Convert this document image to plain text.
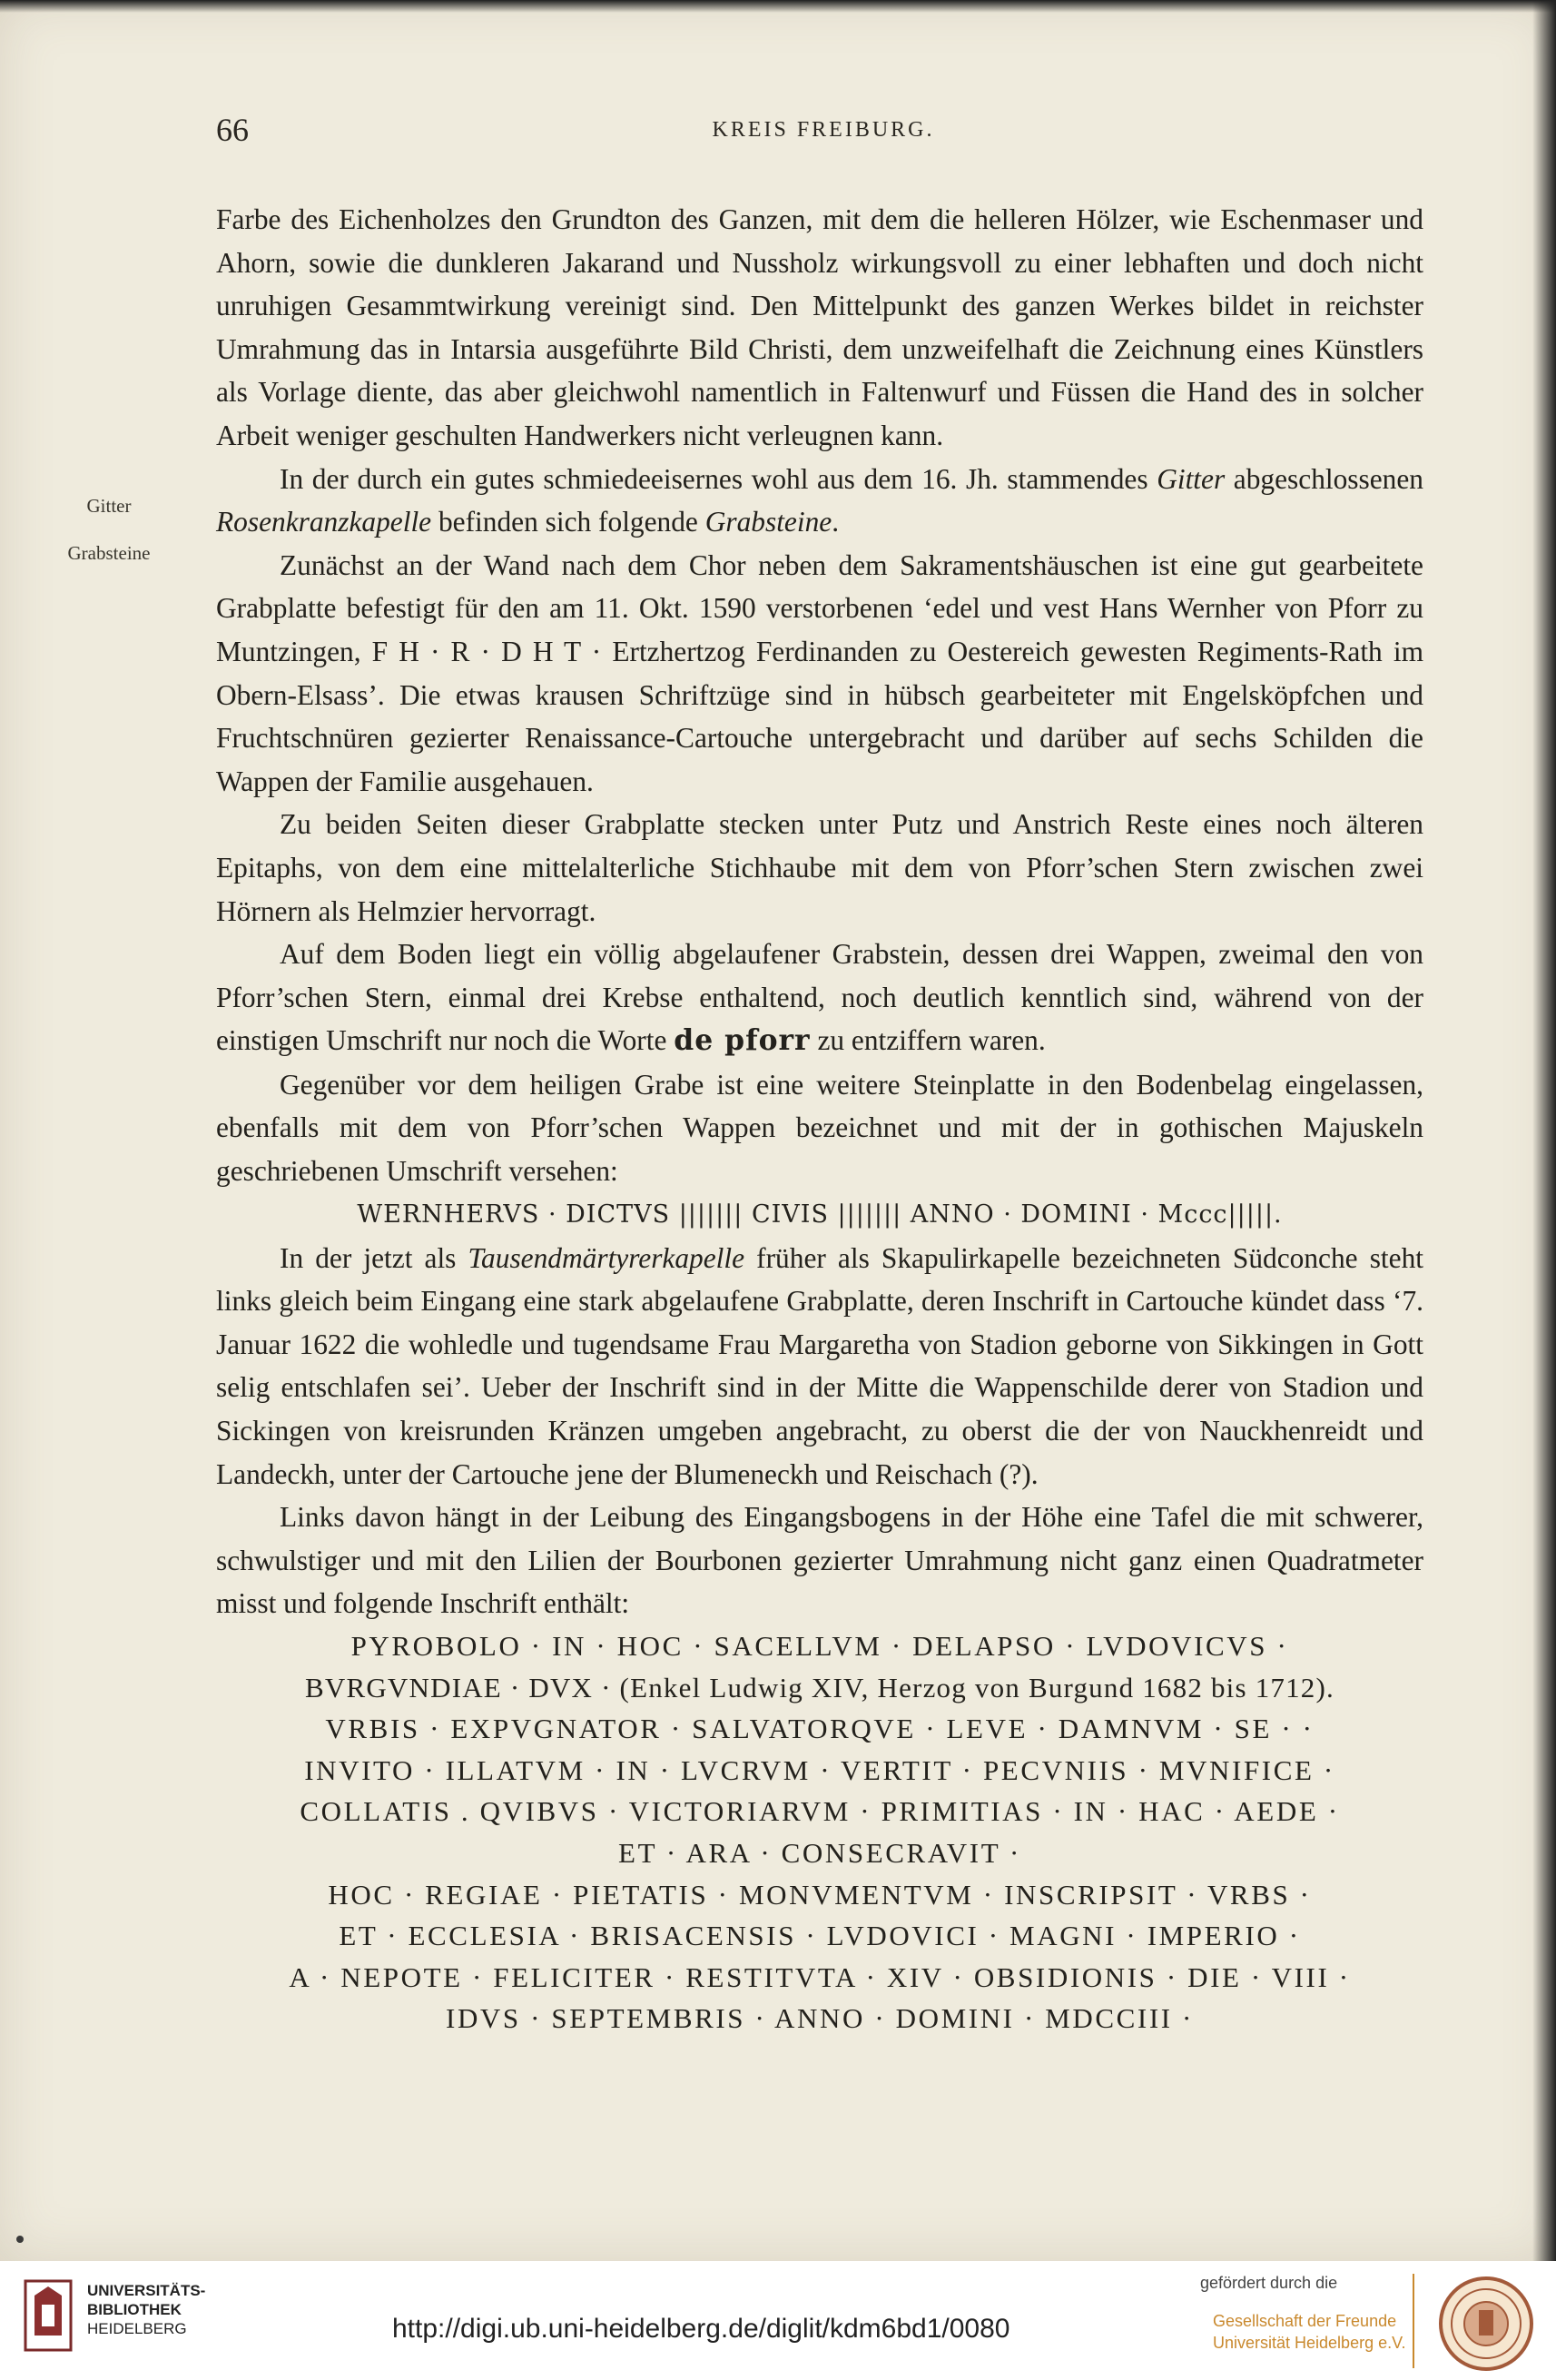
66	KREIS FREIBURG.
Gitter
Grabsteine

Farbe des Eichenholzes den Grundton des Ganzen, mit dem die helleren Hölzer, wie Eschenmaser und Ahorn, sowie die dunkleren Jakarand und Nussholz wirkungsvoll zu einer lebhaften und doch nicht unruhigen Gesammtwirkung vereinigt sind. Den Mittelpunkt des ganzen Werkes bildet in reichster Umrahmung das in Intarsia ausgeführte Bild Christi, dem unzweifelhaft die Zeichnung eines Künstlers als Vorlage diente, das aber gleichwohl namentlich in Faltenwurf und Füssen die Hand des in solcher Arbeit weniger geschulten Handwerkers nicht verleugnen kann.

In der durch ein gutes schmiedeeisernes wohl aus dem 16. Jh. stammendes Gitter abgeschlossenen Rosenkranzkapelle befinden sich folgende Grabsteine.

Zunächst an der Wand nach dem Chor neben dem Sakramentshäuschen ist eine gut gearbeitete Grabplatte befestigt für den am 11. Okt. 1590 verstorbenen ‘edel und vest Hans Wernher von Pforr zu Muntzingen, F H · R · D H T · Ertzhertzog Ferdinanden zu Oestereich gewesten Regiments-Rath im Obern-Elsass’. Die etwas krausen Schriftzüge sind in hübsch gearbeiteter mit Engelsköpfchen und Fruchtschnüren gezierter Renaissance-Cartouche untergebracht und darüber auf sechs Schilden die Wappen der Familie ausgehauen.

Zu beiden Seiten dieser Grabplatte stecken unter Putz und Anstrich Reste eines noch älteren Epitaphs, von dem eine mittelalterliche Stichhaube mit dem von Pforr’schen Stern zwischen zwei Hörnern als Helmzier hervorragt.

Auf dem Boden liegt ein völlig abgelaufener Grabstein, dessen drei Wappen, zweimal den von Pforr’schen Stern, einmal drei Krebse enthaltend, noch deutlich kenntlich sind, während von der einstigen Umschrift nur noch die Worte de pforr zu entziffern waren.

Gegenüber vor dem heiligen Grabe ist eine weitere Steinplatte in den Bodenbelag eingelassen, ebenfalls mit dem von Pforr’schen Wappen bezeichnet und mit der in gothischen Majuskeln geschriebenen Umschrift versehen:

WERNHERVS · DICTVS ||||||| CIVIS ||||||| ANNO · DOMINI · Mccc|||||.

In der jetzt als Tausendmärtyrerkapelle früher als Skapulirkapelle bezeichneten Südconche steht links gleich beim Eingang eine stark abgelaufene Grabplatte, deren Inschrift in Cartouche kündet dass ‘7. Januar 1622 die wohledle und tugendsame Frau Margaretha von Stadion geborne von Sikkingen in Gott selig entschlafen sei’. Ueber der Inschrift sind in der Mitte die Wappenschilde derer von Stadion und Sickingen von kreisrunden Kränzen umgeben angebracht, zu oberst die der von Nauckhenreidt und Landeckh, unter der Cartouche jene der Blumeneckh und Reischach (?).

Links davon hängt in der Leibung des Eingangsbogens in der Höhe eine Tafel die mit schwerer, schwulstiger und mit den Lilien der Bourbonen gezierter Umrahmung nicht ganz einen Quadratmeter misst und folgende Inschrift enthält:

PYROBOLO · IN · HOC · SACELLVM · DELAPSO · LVDOVICVS ·
BVRGVNDIAE · DVX · (Enkel Ludwig XIV, Herzog von Burgund 1682 bis 1712).
VRBIS · EXPVGNATOR · SALVATORQVE · LEVE · DAMNVM · SE · ·
INVITO · ILLATVM · IN · LVCRVM · VERTIT · PECVNIIS · MVNIFICE ·
COLLATIS . QVIBVS · VICTORIARVM · PRIMITIAS · IN · HAC · AEDE ·
ET · ARA · CONSECRAVIT ·
HOC · REGIAE · PIETATIS · MONVMENTVM · INSCRIPSIT · VRBS ·
ET · ECCLESIA · BRISACENSIS · LVDOVICI · MAGNI · IMPERIO ·
A · NEPOTE · FELICITER · RESTITVTA · XIV · OBSIDIONIS · DIE · VIII ·
IDVS · SEPTEMBRIS · ANNO · DOMINI · MDCCIII ·
UNIVERSITÄTS-
BIBLIOTHEK
HEIDELBERG	http://digi.ub.uni-heidelberg.de/diglit/kdm6bd1/0080
gefördert durch die
Gesellschaft der Freunde
Universität Heidelberg e.V.
